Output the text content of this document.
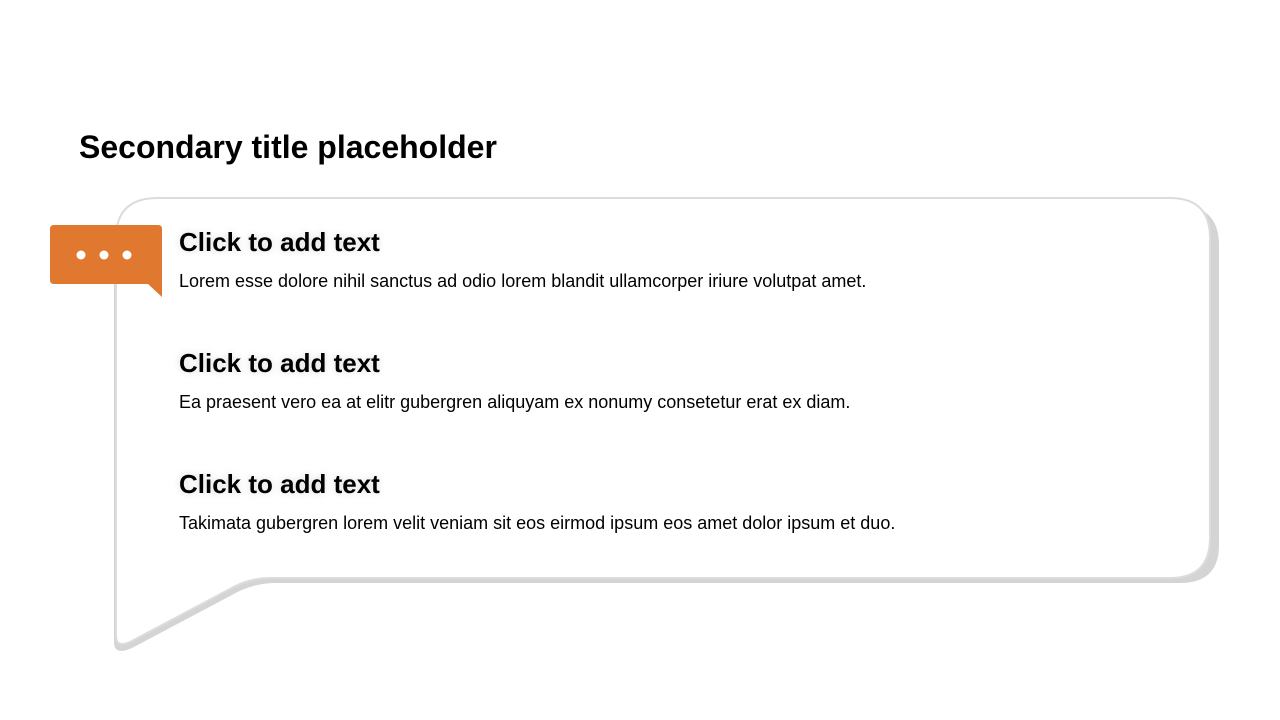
Secondary title placeholder
Click to add text

Lorem esse dolore nihil sanctus ad odio lorem blandit ullamcorper iriure volutpat amet.

Click to add text

Ea praesent vero ea at elitr gubergren aliquyam ex nonumy consetetur erat ex diam.

Click to add text

Takimata gubergren lorem velit veniam sit eos eirmod ipsum eos amet dolor ipsum et duo.
